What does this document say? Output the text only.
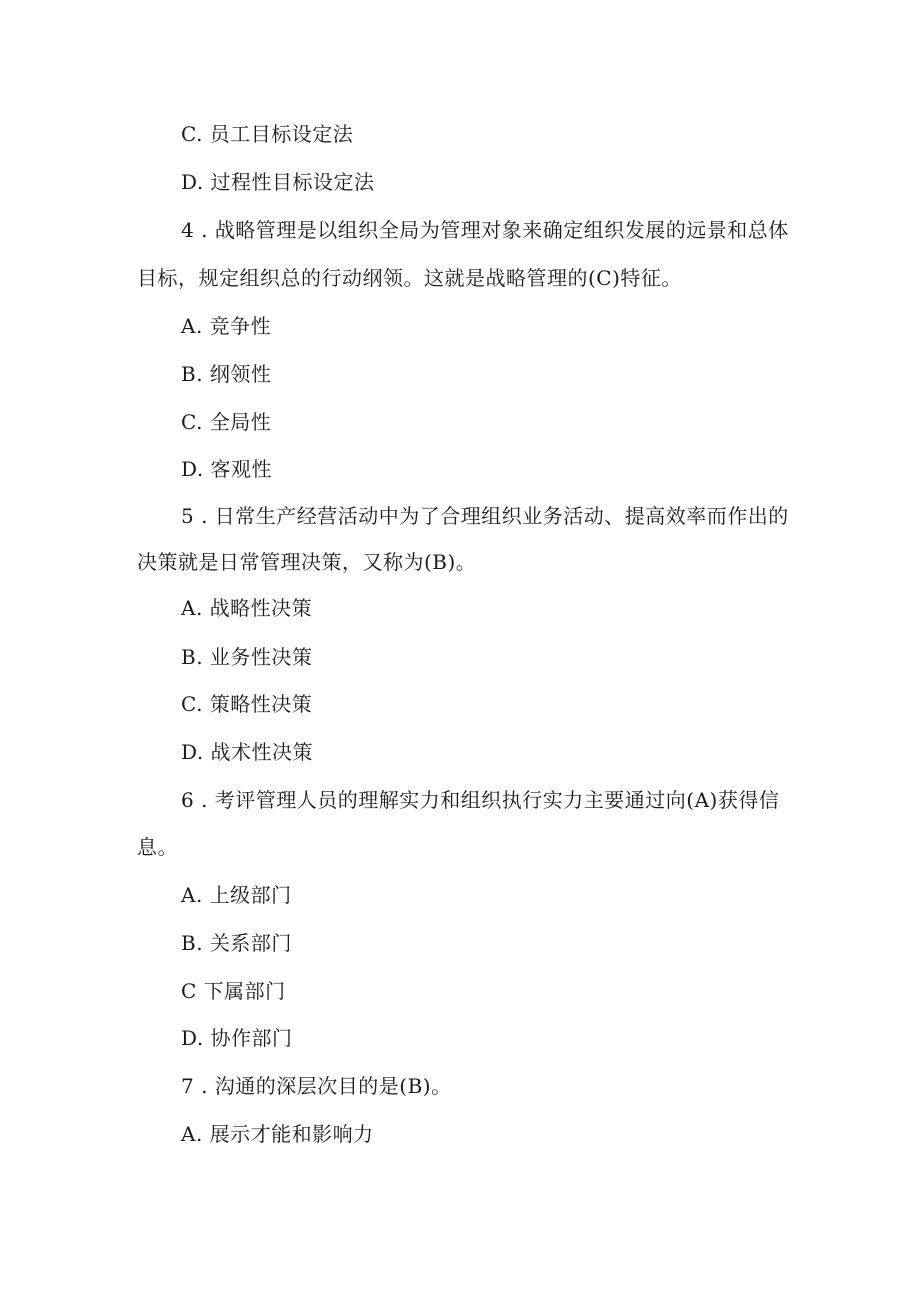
C. 员工目标设定法
D. 过程性目标设定法
4 . 战略管理是以组织全局为管理对象来确定组织发展的远景和总体
目标，规定组织总的行动纲领。这就是战略管理的(C)特征。
A. 竞争性
B. 纲领性
C. 全局性
D. 客观性
5 . 日常生产经营活动中为了合理组织业务活动、提高效率而作出的
决策就是日常管理决策，又称为(B)。
A. 战略性决策
B. 业务性决策
C. 策略性决策
D. 战术性决策
6 . 考评管理人员的理解实力和组织执行实力主要通过向(A)获得信
息。
A. 上级部门
B. 关系部门
C 下属部门
D. 协作部门
7 . 沟通的深层次目的是(B)。
A. 展示才能和影响力
